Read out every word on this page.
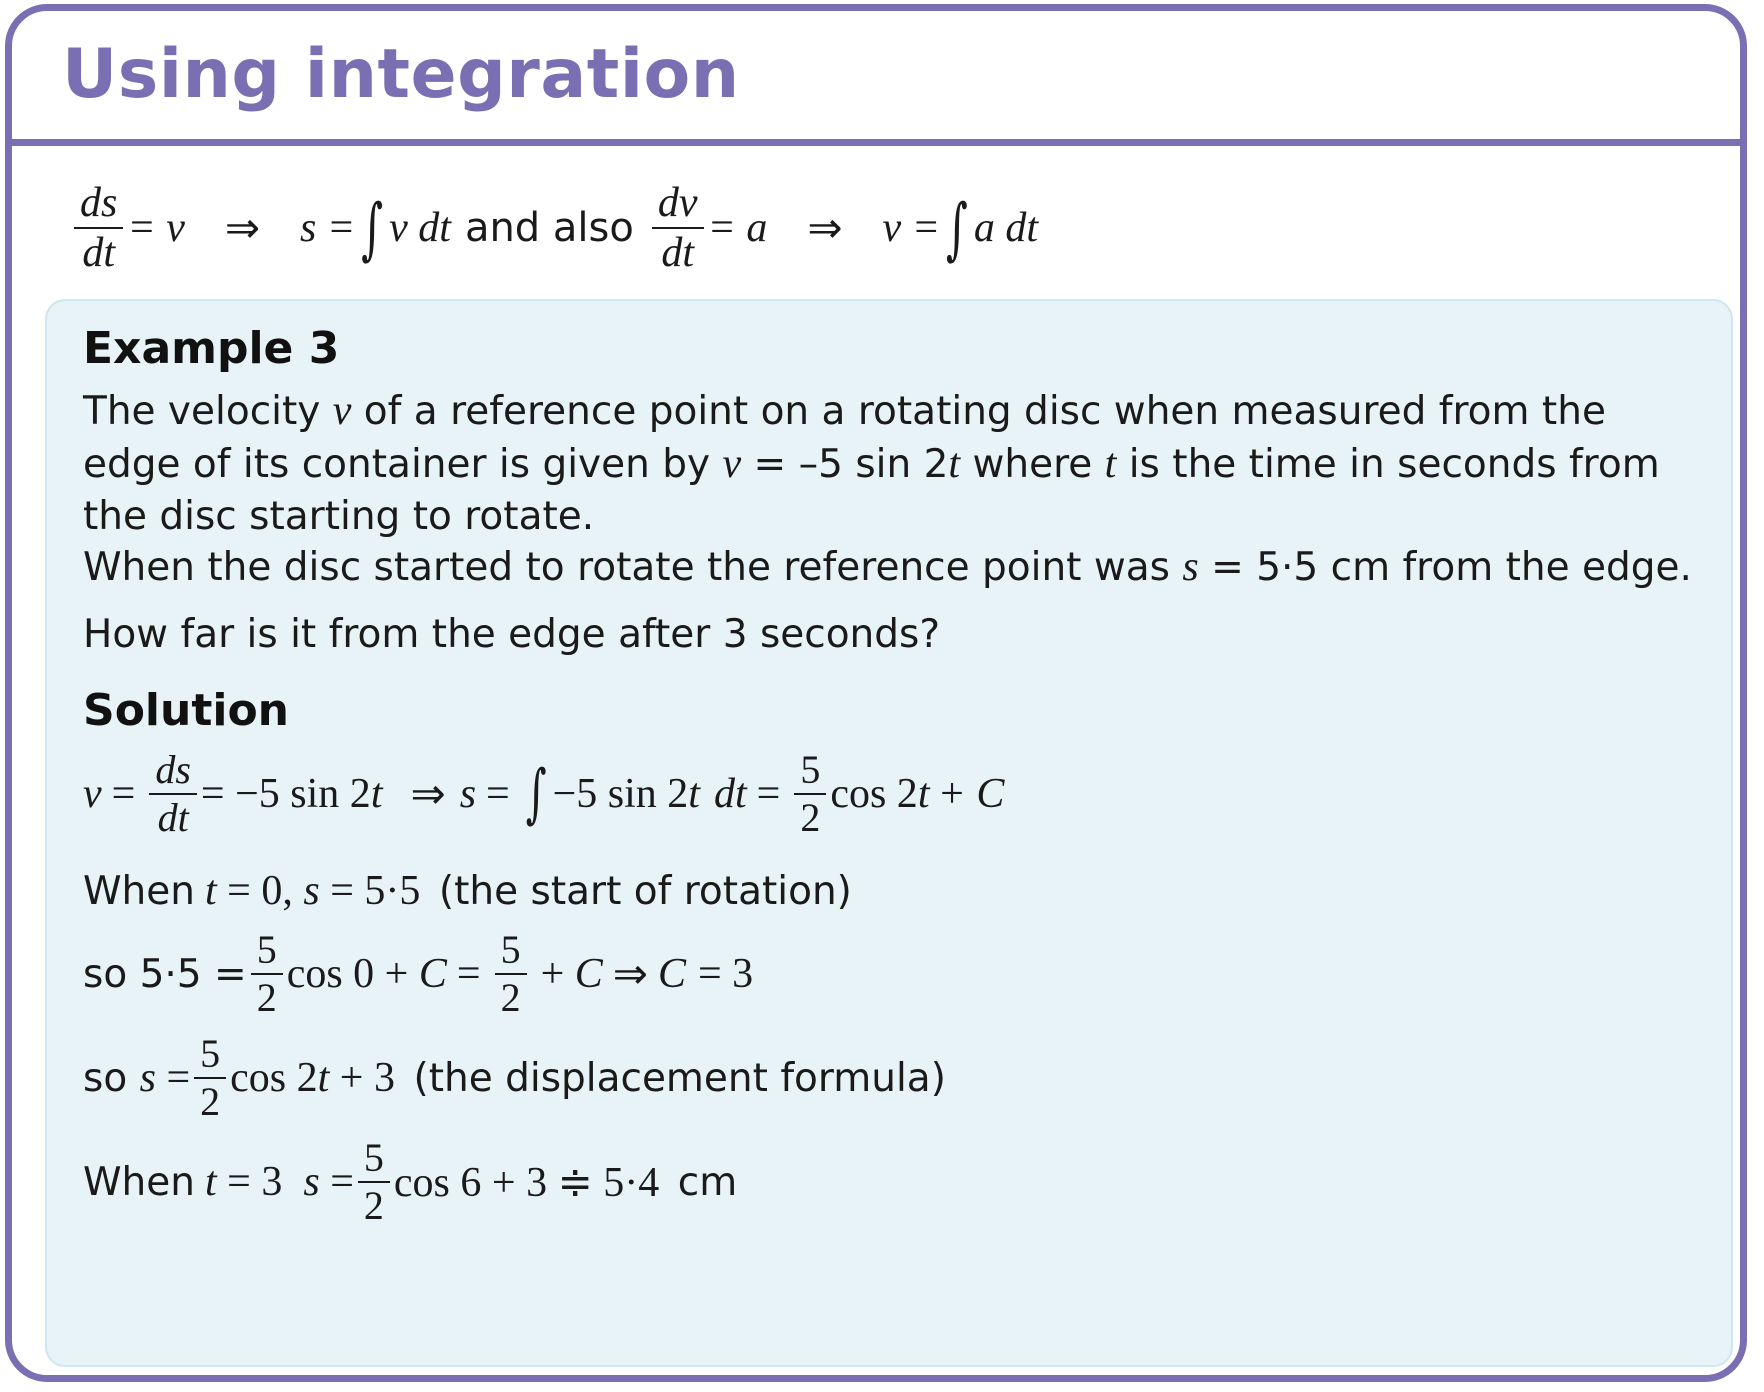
Using integration
$\frac{ds}{dt} = v$ ⇒ s = ∫ v dt and also $\frac{dv}{dt} = a$ ⇒ v = ∫ a dt
Example 3
The velocity v of a reference point on a rotating disc when measured from the edge of its container is given by v = –5 sin 2t where t is the time in seconds from the disc starting to rotate.
When the disc started to rotate the reference point was s = 5·5 cm from the edge.
How far is it from the edge after 3 seconds?
Solution
$v = \frac{ds}{dt} = -5$ sin 2 t ⇒ s = ∫ −5 sin 2 t dt = $\frac{5}{2}$ cos 2 t + C
When t = 0, s = 5·5 (the start of rotation)
so $5\cdot 5 = \frac{5}{2}$ $\cos 0 + C = \frac{5}{2} + C$ ⇒ C = 3
so $s = \frac{5}{2}$ cos 2 t + 3 (the displacement formula)
When t = 3 $s = \frac{5}{2}$ cos 6 + 3 ≑ 5·4 cm
